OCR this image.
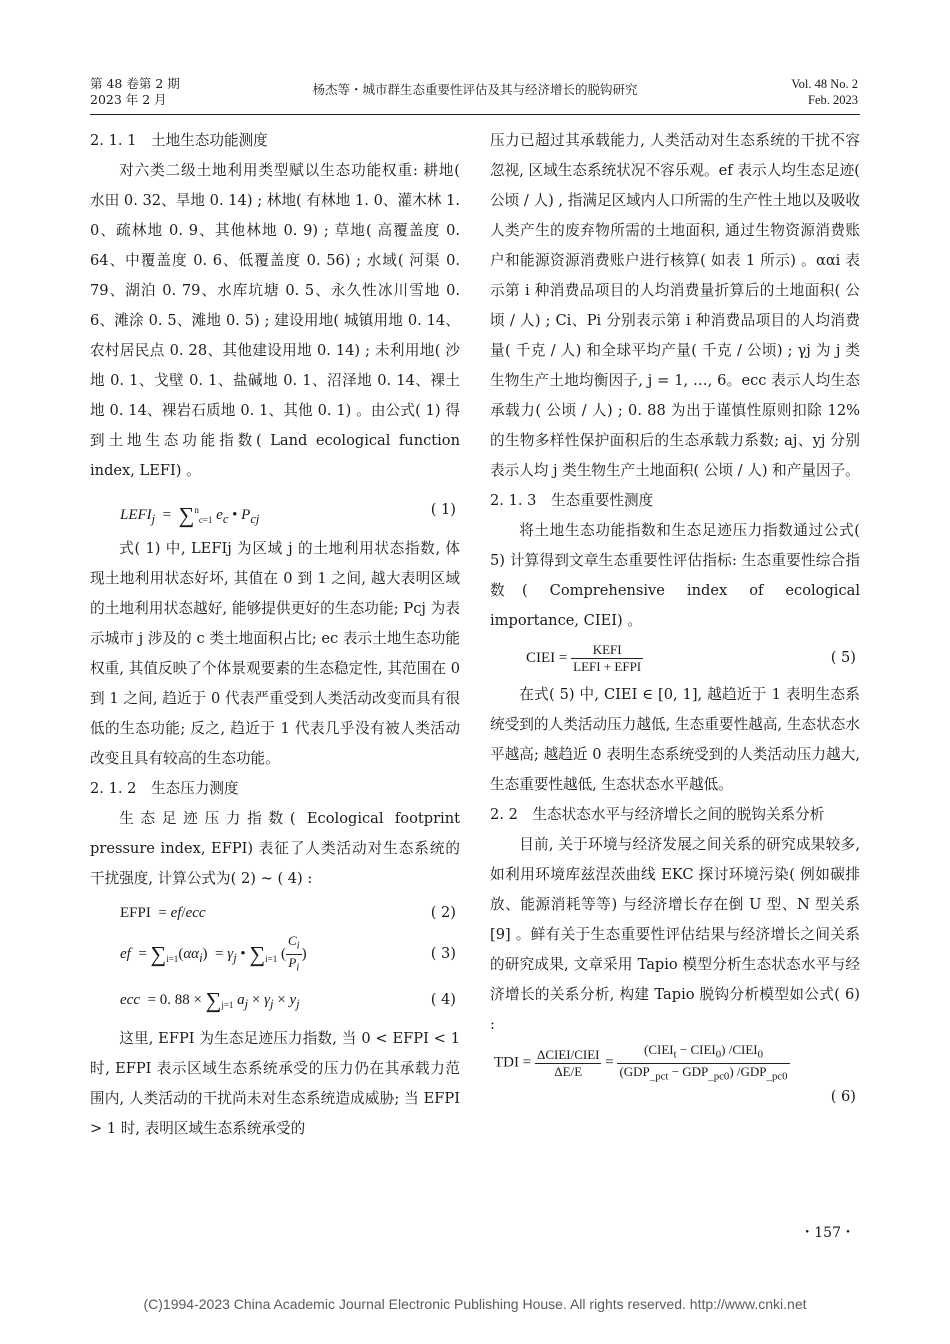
第 48 卷第 2 期
2023 年 2 月
杨杰等・城市群生态重要性评估及其与经济增长的脱钩研究	Vol. 48 No. 2
Feb. 2023
2. 1. 1　土地生态功能测度

对六类二级土地利用类型赋以生态功能权重: 耕地( 水田 0. 32、旱地 0. 14) ; 林地( 有林地 1. 0、灌木林 1. 0、疏林地 0. 9、其他林地 0. 9) ; 草地( 高覆盖度 0. 64、中覆盖度 0. 6、低覆盖度 0. 56) ; 水域( 河渠 0. 79、湖泊 0. 79、水库坑塘 0. 5、永久性冰川雪地 0. 6、滩涂 0. 5、滩地 0. 5) ; 建设用地( 城镇用地 0. 14、农村居民点 0. 28、其他建设用地 0. 14) ; 未利用地( 沙地 0. 1、戈壁 0. 1、盐碱地 0. 1、沼泽地 0. 14、裸土地 0. 14、裸岩石质地 0. 1、其他 0. 1) 。由公式( 1) 得到土地生态功能指数( Land ecological function index, LEFI) 。

$LEFI_j = \sum^n_{c=1}$ $e_c$ • $P_{cj}$
( 1)

式( 1) 中, LEFIj 为区域 j 的土地利用状态指数, 体现土地利用状态好坏, 其值在 0 到 1 之间, 越大表明区域的土地利用状态越好, 能够提供更好的生态功能; Pcj 为表示城市 j 涉及的 c 类土地面积占比; ec 表示土地生态功能权重, 其值反映了个体景观要素的生态稳定性, 其范围在 0 到 1 之间, 趋近于 0 代表严重受到人类活动改变而具有很低的生态功能; 反之, 趋近于 1 代表几乎没有被人类活动改变且具有较高的生态功能。

2. 1. 2　生态压力测度

生态足迹压力指数( Ecological footprint pressure index, EFPI) 表征了人类活动对生态系统的干扰强度, 计算公式为( 2) ~ ( 4) :

EFPI  = ef/ecc	( 2)
ef  = $\sum_{i=1}(\alpha\alpha_i) = \gamma_j$ • $\sum_{i=1}$ ( $\frac{C_i}{P_i}$ )	( 3)
ecc  = 0. $88 \times \sum_{j=1}$ $a_j \times \gamma_j \times y_j$	( 4)

这里, EFPI 为生态足迹压力指数, 当 0 < EFPI < 1 时, EFPI 表示区域生态系统承受的压力仍在其承载力范围内, 人类活动的干扰尚未对生态系统造成威胁; 当 EFPI > 1 时, 表明区域生态系统承受的

压力已超过其承载能力, 人类活动对生态系统的干扰不容忽视, 区域生态系统状况不容乐观。ef 表示人均生态足迹( 公顷 / 人) , 指满足区域内人口所需的生产性土地以及吸收人类产生的废弃物所需的土地面积, 通过生物资源消费账户和能源资源消费账户进行核算( 如表 1 所示) 。ααi 表示第 i 种消费品项目的人均消费量折算后的土地面积( 公顷 / 人) ; Ci、Pi 分别表示第 i 种消费品项目的人均消费量( 千克 / 人) 和全球平均产量( 千克 / 公顷) ; γj 为 j 类生物生产土地均衡因子, j = 1, …, 6。ecc 表示人均生态承载力( 公顷 / 人) ; 0. 88 为出于谨慎性原则扣除 12% 的生物多样性保护面积后的生态承载力系数; aj、yj 分别表示人均 j 类生物生产土地面积( 公顷 / 人) 和产量因子。

2. 1. 3　生态重要性测度

将土地生态功能指数和生态足迹压力指数通过公式( 5) 计算得到文章生态重要性评估指标: 生态重要性综合指数( Comprehensive index of ecological importance, CIEI) 。

CIEI = $\frac{\text{KEFI}}{\text{LEFI + EFPI}}$	( 5)

在式( 5) 中, CIEI ∈ [0, 1], 越趋近于 1 表明生态系统受到的人类活动压力越低, 生态重要性越高, 生态状态水平越高; 越趋近 0 表明生态系统受到的人类活动压力越大, 生态重要性越低, 生态状态水平越低。

2. 2　生态状态水平与经济增长之间的脱钩关系分析

目前, 关于环境与经济发展之间关系的研究成果较多, 如利用环境库兹涅茨曲线 EKC 探讨环境污染( 例如碳排放、能源消耗等等) 与经济增长存在倒 U 型、N 型关系 [9] 。鲜有关于生态重要性评估结果与经济增长之间关系的研究成果, 文章采用 Tapio 模型分析生态状态水平与经济增长的关系分析, 构建 Tapio 脱钩分析模型如公式( 6) :

TDI = $\frac{\text{ΔCIEI/CIEI}}{\Delta E/E} = \frac{(CIEI_t - CIEI_0) /CIEI_0}{(GDP_{\_pct} - GDP_{\_pc0}) /GDP_{\_pc0}}$
( 6)
・157・
(C)1994-2023 China Academic Journal Electronic Publishing House. All rights reserved. http://www.cnki.net
